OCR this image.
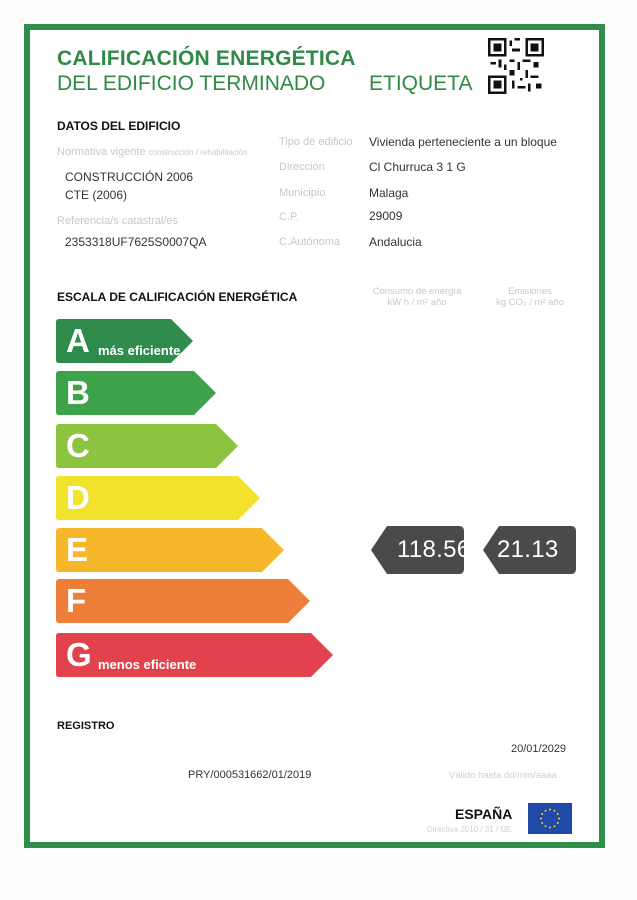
CALIFICACIÓN ENERGÉTICA
DEL EDIFICIO TERMINADO ETIQUETA
DATOS DEL EDIFICIO
Normativa vigente construcción / rehabilitación
CONSTRUCCIÓN 2006
CTE (2006)
Referencia/s catastral/es
2353318UF7625S0007QA
Tipo de edificio Vivienda perteneciente a un bloque
Dirección	Cl Churruca 3 1 G
Municipio	Malaga
C.P.	29009
C.Autónoma Andalucia
ESCALA DE CALIFICACIÓN ENERGÉTICA	Consumo de energía
kW h / m² año
Emisiones
kg CO₂ / m² año
A más eficiente
B
C
D
E
F
G menos eficiente
118.56 21.13
REGISTRO
20/01/2029
PRY/000531662/01/2019	Válido hasta dd/mm/aaaa
ESPAÑA
Directiva 2010 / 31 / UE
